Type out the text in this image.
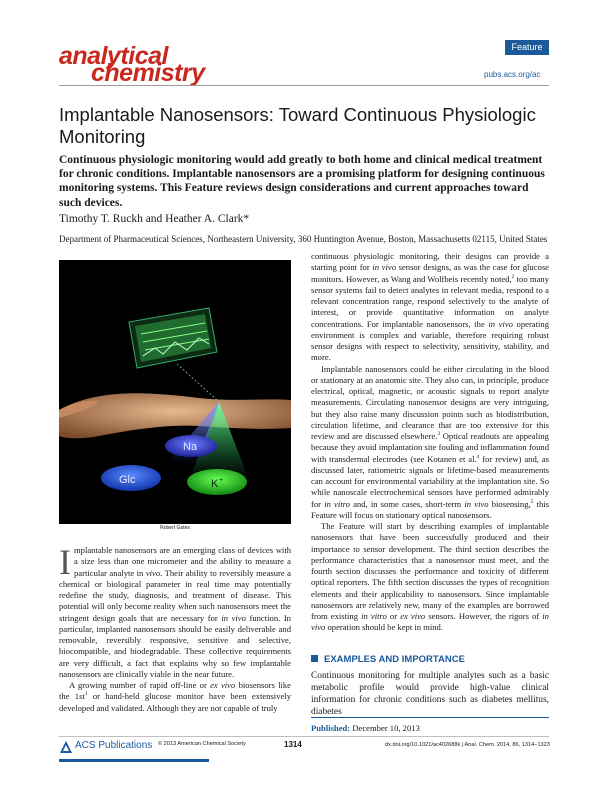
analytical
chemistry
Feature
pubs.acs.org/ac
Implantable Nanosensors: Toward Continuous Physiologic Monitoring

Continuous physiologic monitoring would add greatly to both home and clinical medical treatment for chronic conditions. Implantable nanosensors are a promising platform for designing continuous monitoring systems. This Feature reviews design considerations and current approaches toward such devices.

Timothy T. Ruckh and Heather A. Clark*
Department of Pharmaceutical Sciences, Northeastern University, 360 Huntington Avenue, Boston, Massachusetts 02115, United States
Na
Glc	K +
Robert Gates

Implantable nanosensors are an emerging class of devices with a size less than one micrometer and the ability to measure a particular analyte in vivo. Their ability to reversibly measure a chemical or biological parameter in real time may potentially redefine the study, diagnosis, and treatment of disease. This potential will only become reality when such nanosensors meet the stringent design goals that are necessary for in vivo function. In particular, implanted nanosensors should be easily deliverable and removable, reversibly responsive, sensitive and selective, biocompatible, and biodegradable. These collective requirements are very difficult, a fact that explains why so few implantable nanosensors are clinically viable in the near future.

A growing number of rapid off-line or ex vivo biosensors like the $1st^1$ or hand-held glucose monitor have been extensively developed and validated. Although they are not capable of truly

continuous physiologic monitoring, their designs can provide a starting point for in vivo sensor designs, as was the case for glucose monitors. However, as Wang and Wolfbeis recently noted,$^2$ too many sensor systems fail to detect analytes in relevant media, respond to a relevant concentration range, respond selectively to the analyte of interest, or provide quantitative information on analyte concentrations. For implantable nanosensors, the in vivo operating environment is complex and variable, therefore requiring robust sensor designs with respect to selectivity, sensitivity, stability, and more.

Implantable nanosensors could be either circulating in the blood or stationary at an anatomic site. They also can, in principle, produce electrical, optical, magnetic, or acoustic signals to report analyte measurements. Circulating nanosensor designs are very intriguing, but they also raise many discussion points such as biodistribution, circulation lifetime, and clearance that are too extensive for this review and are discussed elsewhere.$^3$ Optical readouts are appealing because they avoid implantation site fouling and inflammation found with transdermal electrodes (see Kotanen et al.$^4$ for review) and, as discussed later, ratiometric signals or lifetime-based measurements can account for environmental variability at the implantation site. So while nanoscale electrochemical sensors have performed admirably for in vitro and, in some cases, short-term in vivo biosensing,$^5$ this Feature will focus on stationary optical nanosensors.

The Feature will start by describing examples of implantable nanosensors that have been successfully produced and their importance to sensor development. The third section describes the performance characteristics that a nanosensor must meet, and the fourth section discusses the performance and toxicity of different optical reporters. The fifth section discusses the types of recognition elements and their applicability to nanosensors. Since implantable nanosensors are relatively new, many of the examples are borrowed from existing in vitro or ex vivo sensors. However, the rigors of in vivo operation should be kept in mind.

EXAMPLES AND IMPORTANCE
Continuous monitoring for multiple analytes such as a basic metabolic profile would provide high-value clinical information for chronic conditions such as diabetes mellitus, diabetes
Published: December 10, 2013
ACS Publications © 2013 American Chemical Society	1314	dx.doi.org/10.1021/ac402688k | Anal. Chem. 2014, 86, 1314−1323
